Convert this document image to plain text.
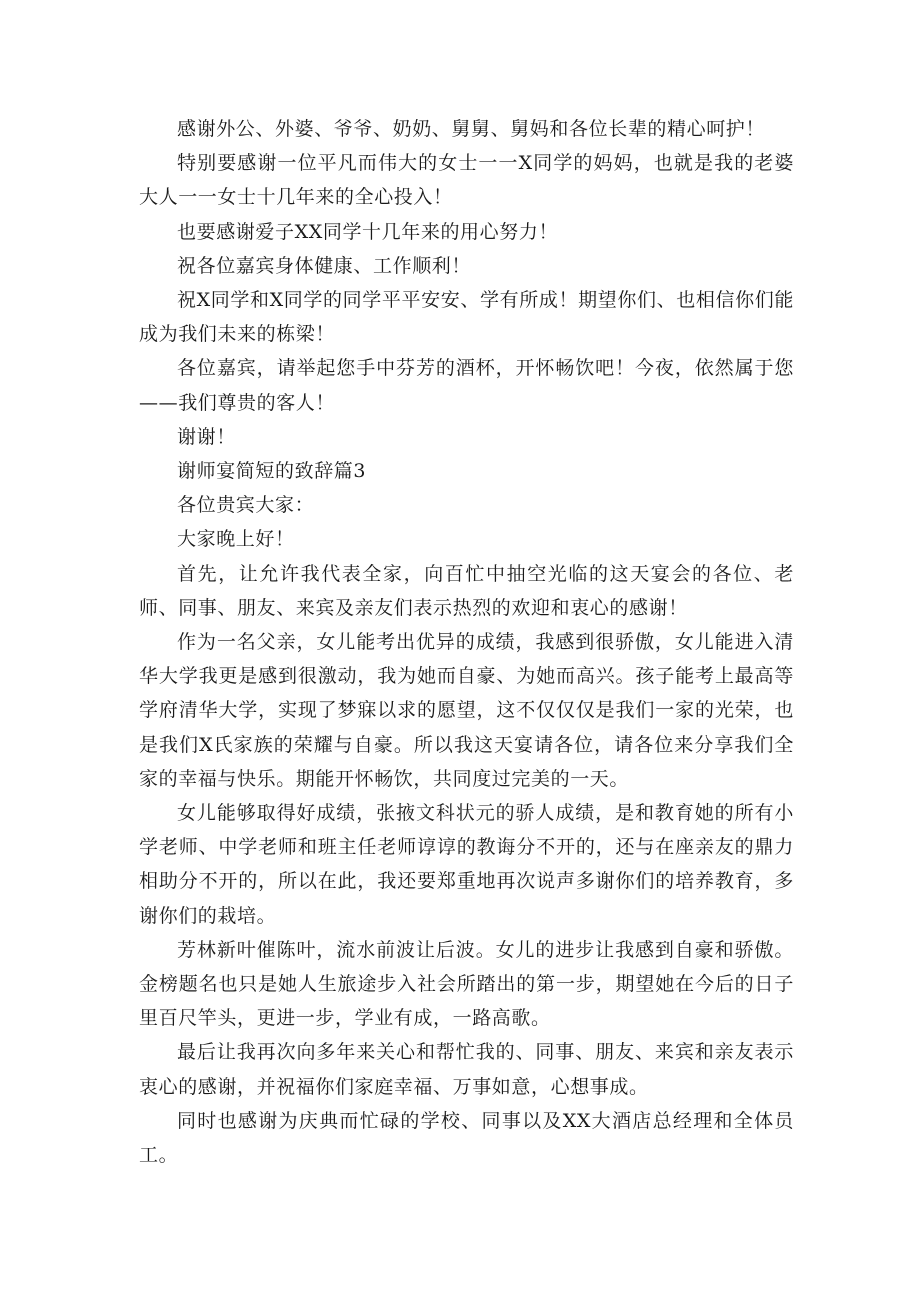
感谢外公、外婆、爷爷、奶奶、舅舅、舅妈和各位长辈的精心呵护！

特别要感谢一位平凡而伟大的女士一一X同学的妈妈，也就是我的老婆大人一一女士十几年来的全心投入！

也要感谢爱子XX同学十几年来的用心努力！

祝各位嘉宾身体健康、工作顺利！

祝X同学和X同学的同学平平安安、学有所成！期望你们、也相信你们能成为我们未来的栋梁！

各位嘉宾，请举起您手中芬芳的酒杯，开怀畅饮吧！今夜，依然属于您——我们尊贵的客人！

谢谢！

谢师宴简短的致辞篇3

各位贵宾大家：

大家晚上好！

首先，让允许我代表全家，向百忙中抽空光临的这天宴会的各位、老师、同事、朋友、来宾及亲友们表示热烈的欢迎和衷心的感谢！

作为一名父亲，女儿能考出优异的成绩，我感到很骄傲，女儿能进入清华大学我更是感到很激动，我为她而自豪、为她而高兴。孩子能考上最高等学府清华大学，实现了梦寐以求的愿望，这不仅仅仅是我们一家的光荣，也是我们X氏家族的荣耀与自豪。所以我这天宴请各位，请各位来分享我们全家的幸福与快乐。期能开怀畅饮，共同度过完美的一天。

女儿能够取得好成绩，张掖文科状元的骄人成绩，是和教育她的所有小学老师、中学老师和班主任老师谆谆的教诲分不开的，还与在座亲友的鼎力相助分不开的，所以在此，我还要郑重地再次说声多谢你们的培养教育，多谢你们的栽培。

芳林新叶催陈叶，流水前波让后波。女儿的进步让我感到自豪和骄傲。金榜题名也只是她人生旅途步入社会所踏出的第一步，期望她在今后的日子里百尺竿头，更进一步，学业有成，一路高歌。

最后让我再次向多年来关心和帮忙我的、同事、朋友、来宾和亲友表示衷心的感谢，并祝福你们家庭幸福、万事如意，心想事成。

同时也感谢为庆典而忙碌的学校、同事以及XX大酒店总经理和全体员工。
